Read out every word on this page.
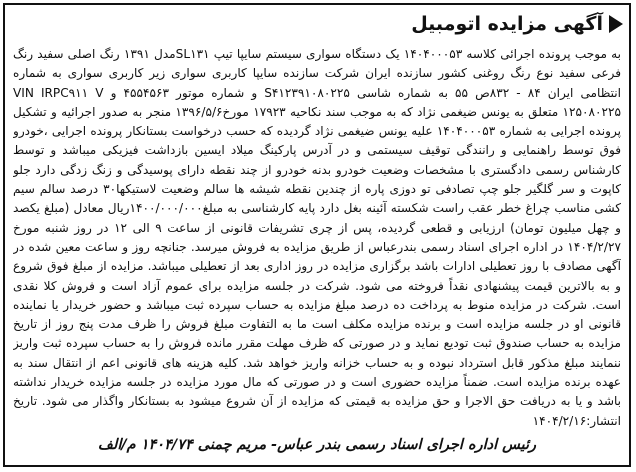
آگهی مزایده اتومبیل
به موجب پرونده اجرائی کلاسه ۱۴۰۴۰۰۰۵۳ یک دستگاه سواری سیستم سایپا تیپ SL۱۳۱مدل ۱۳۹۱ رنگ اصلی سفید رنگ فرعی سفید نوع رنگ روغنی کشور سازنده ایران شرکت سازنده سایپا کاربری سواری زیر کاربری سواری به شماره انتظامی ایران ۸۴ - ۸۳۲ص ۵۵ به شماره شاسی S۴۱۲۳۹۱۰۸۰۲۲۵ و شماره موتور ۴۵۵۴۵۶۳ و VIN IRPC۹۱۱ V ۱۲۵۰۸۰۲۲۵ متعلق به یونس ضیغمی نژاد که به موجب سند نکاحیه ۱۷۹۲۳ مورخ۱۳۹۶/۵/۶ منجر به صدور اجرائیه و تشکیل پرونده اجرایی به شماره ۱۴۰۴۰۰۰۵۳ علیه یونس ضیغمی نژاد گردیده که حسب درخواست بستانکار پرونده اجرایی ،خودرو فوق توسط راهنمایی و رانندگی توقیف سیستمی و در آدرس پارکینگ میلاد ایسین بازداشت فیزیکی میباشد و توسط کارشناس رسمی دادگستری با مشخصات وضعیت خودرو بدنه خودرو از چند نقطه دارای پوسیدگی و زنگ زدگی دارد جلو کاپوت و سر گلگیر جلو چپ تصادفی تو دوزی پاره از چندین نقطه شیشه ها سالم وضعیت لاستیکها۳۰ درصد سالم سیم کشی مناسب چراغ خطر عقب راست شکسته آئینه بغل دارد پایه کارشناسی به مبلغ۱۴۰۰/۰۰۰/۰۰۰ریال معادل (مبلغ یکصد و چهل میلیون تومان) ارزیابی و قطعی گردیده، پس از چری تشریفات قانونی از ساعت ۹ الی ۱۲ در روز شنبه مورخ ۱۴۰۴/۲/۲۷ در اداره اجرای اسناد رسمی بندرعباس از طریق مزایده به فروش میرسد. جنانچه روز و ساعت معین شده در آگهی مصادف با روز تعطیلی ادارات باشد برگزاری مزایده در روز اداری بعد از تعطیلی میباشد. مزایده از مبلغ فوق شروع و به بالاترین قیمت پیشنهادی نقداً فروخته می شود. شرکت در جلسه مزایده برای عموم آزاد است و فروش کلا نقدی است. شرکت در مزایده منوط به پرداخت ده درصد مبلغ مزایده به حساب سپرده ثبت میباشد و حضور خریدار یا نماینده قانونی او در جلسه مزایده است و برنده مزایده مکلف است ما به التفاوت مبلغ فروش را ظرف مدت پنج روز از تاریخ مزایده به حساب صندوق ثبت تودیع نماید و در صورتی که ظرف مهلت مقرر مانده فروش را به حساب سپرده ثبت واریز ننمایند مبلغ مذکور قابل استرداد نبوده و به حساب خزانه واریز خواهد شد. کلیه هزینه های قانونی اعم از انتقال سند به عهده برنده مزایده است. ضمناً مزایده حضوری است و در صورتی که مال مورد مزایده در جلسه مزایده خریدار نداشته باشد و یا به دریافت حق الاجرا و حق مزایده به قیمتی که مزایده از آن شروع میشود به بستانکار واگذار می شود. تاریخ انتشار:۱۴۰۴/۲/۱۶
رئیس اداره اجرای اسناد رسمی بندر عباس- مریم چمنی ۱۴۰۴/۷۴ م/الف
